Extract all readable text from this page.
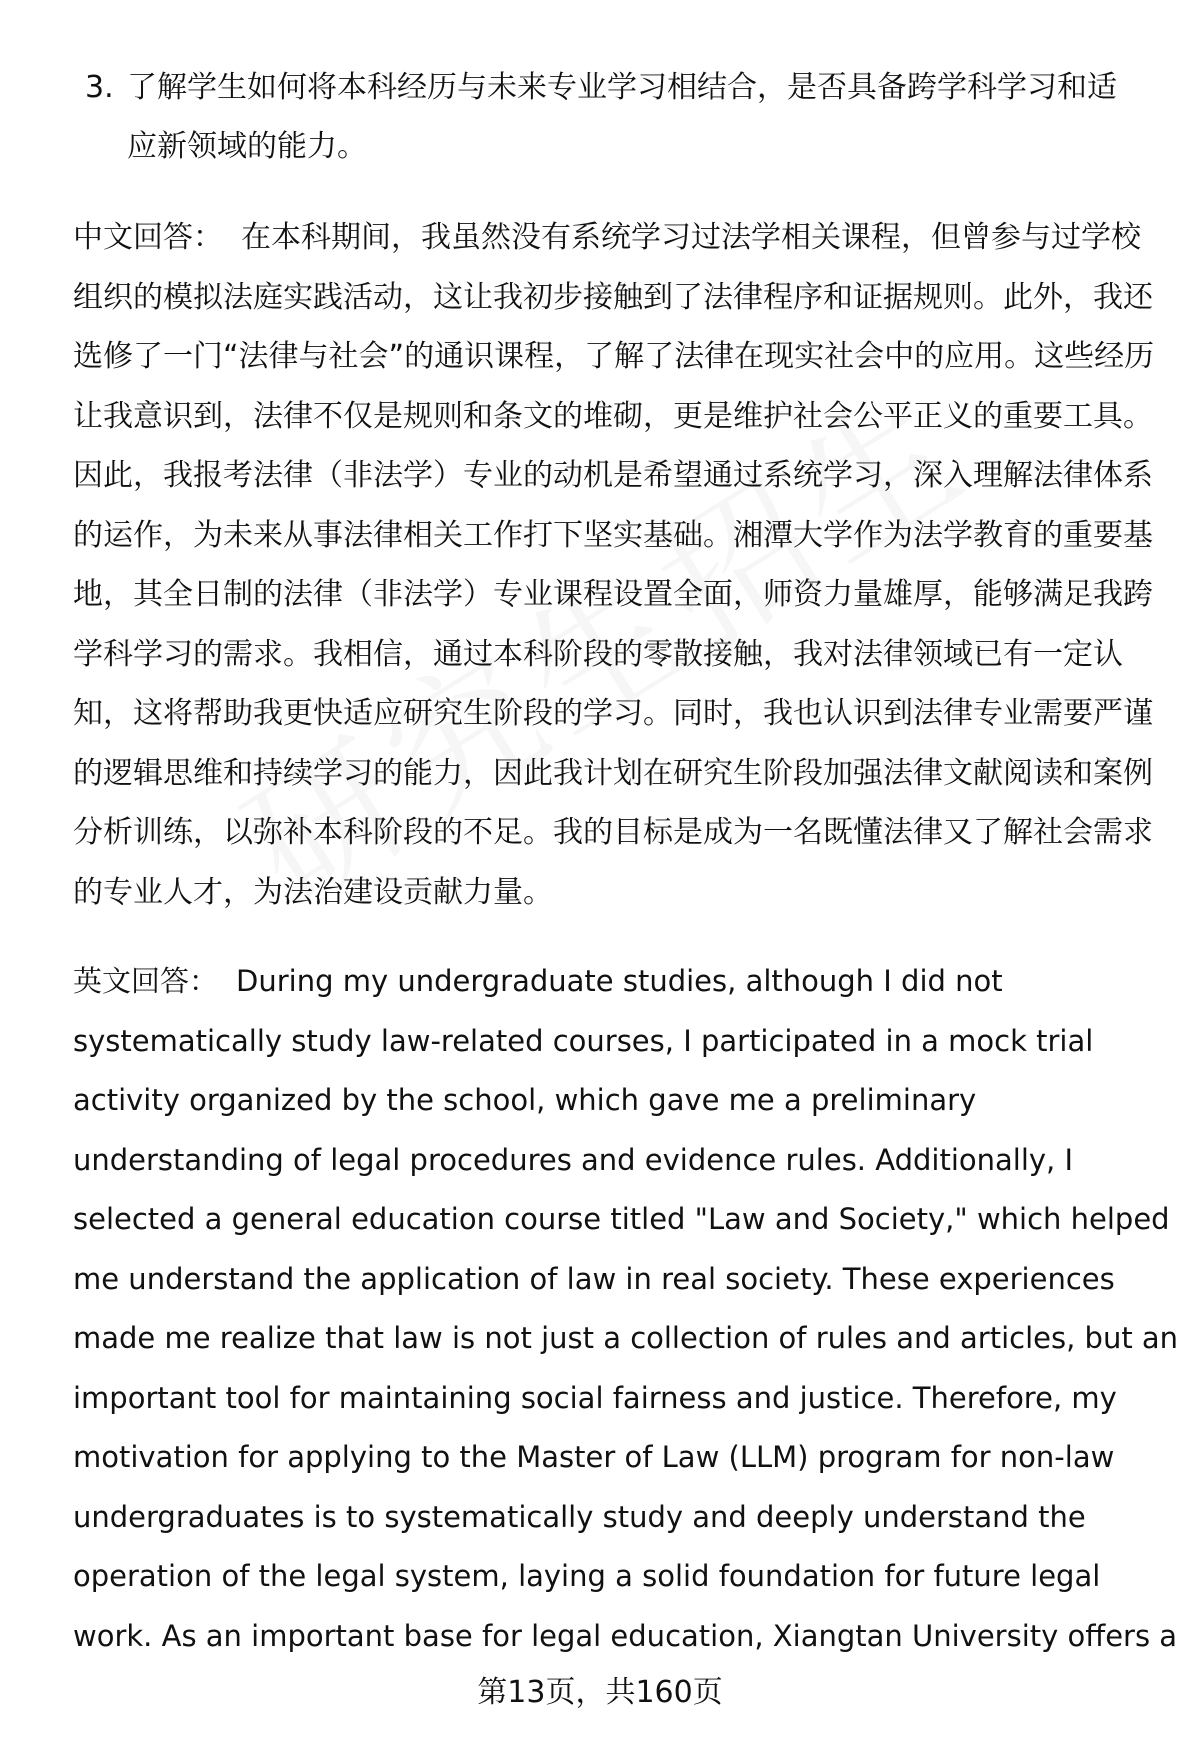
3. 了解学生如何将本科经历与未来专业学习相结合，是否具备跨学科学习和适应新领域的能力。
中文回答： 在本科期间，我虽然没有系统学习过法学相关课程，但曾参与过学校组织的模拟法庭实践活动，这让我初步接触到了法律程序和证据规则。此外，我还选修了一门“法律与社会”的通识课程，了解了法律在现实社会中的应用。这些经历让我意识到，法律不仅是规则和条文的堆砌，更是维护社会公平正义的重要工具。因此，我报考法律（非法学）专业的动机是希望通过系统学习，深入理解法律体系的运作，为未来从事法律相关工作打下坚实基础。湘潭大学作为法学教育的重要基地，其全日制的法律（非法学）专业课程设置全面，师资力量雄厚，能够满足我跨学科学习的需求。我相信，通过本科阶段的零散接触，我对法律领域已有一定认知，这将帮助我更快适应研究生阶段的学习。同时，我也认识到法律专业需要严谨的逻辑思维和持续学习的能力，因此我计划在研究生阶段加强法律文献阅读和案例分析训练，以弥补本科阶段的不足。我的目标是成为一名既懂法律又了解社会需求的专业人才，为法治建设贡献力量。
英文回答： During my undergraduate studies, although I did not
systematically study law-related courses, I participated in a mock trial
activity organized by the school, which gave me a preliminary
understanding of legal procedures and evidence rules. Additionally, I
selected a general education course titled "Law and Society," which helped
me understand the application of law in real society. These experiences
made me realize that law is not just a collection of rules and articles, but an
important tool for maintaining social fairness and justice. Therefore, my
motivation for applying to the Master of Law (LLM) program for non-law
undergraduates is to systematically study and deeply understand the
operation of the legal system, laying a solid foundation for future legal
work. As an important base for legal education, Xiangtan University offers a
第13页，共160页
